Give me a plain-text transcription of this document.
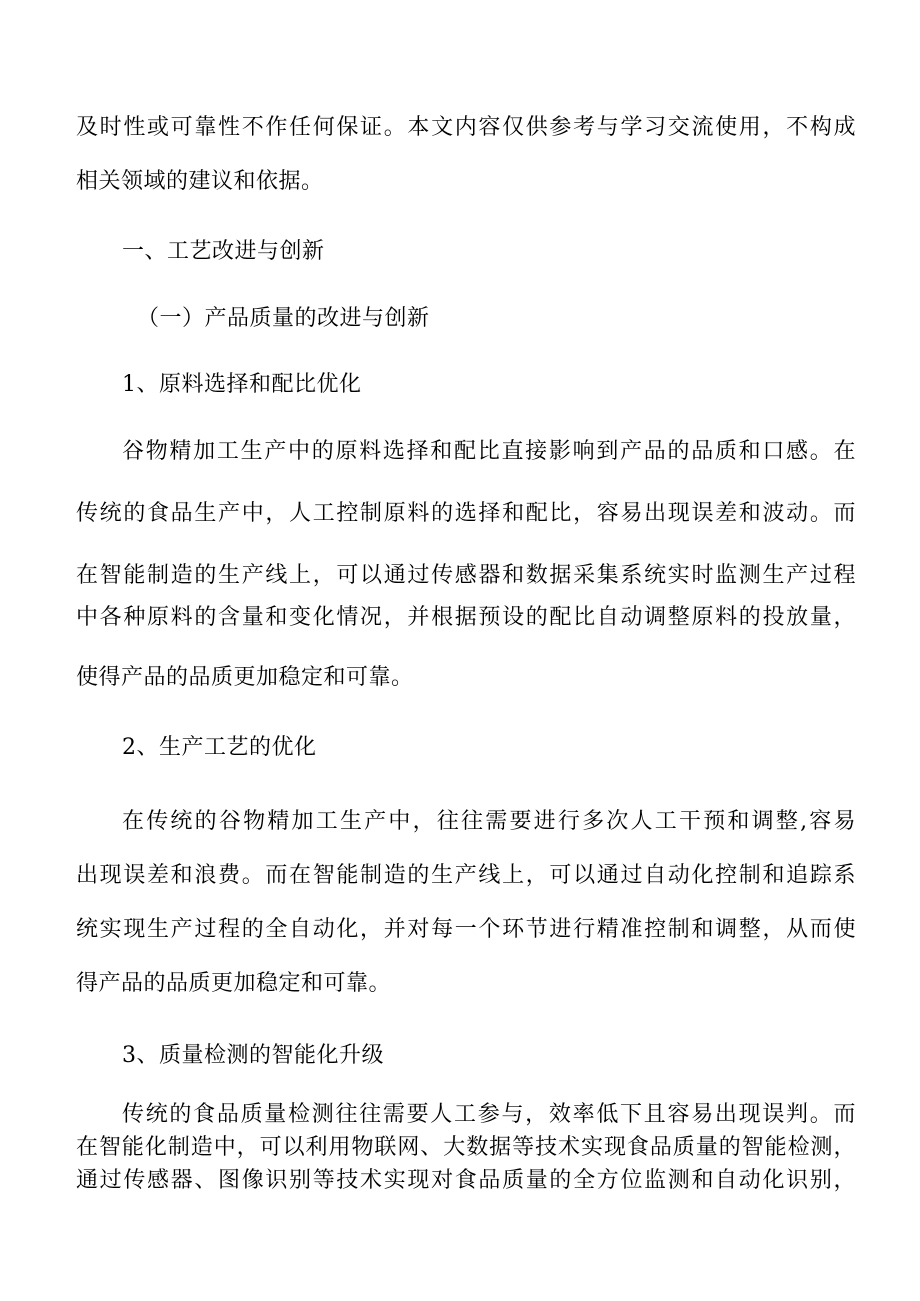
及时性或可靠性不作任何保证。本文内容仅供参考与学习交流使用，不构成
相关领域的建议和依据。
一、工艺改进与创新
（一）产品质量的改进与创新
1、原料选择和配比优化
谷物精加工生产中的原料选择和配比直接影响到产品的品质和口感。在
传统的食品生产中，人工控制原料的选择和配比，容易出现误差和波动。而
在智能制造的生产线上，可以通过传感器和数据采集系统实时监测生产过程
中各种原料的含量和变化情况，并根据预设的配比自动调整原料的投放量，
使得产品的品质更加稳定和可靠。
2、生产工艺的优化
在传统的谷物精加工生产中，往往需要进行多次人工干预和调整,容易
出现误差和浪费。而在智能制造的生产线上，可以通过自动化控制和追踪系
统实现生产过程的全自动化，并对每一个环节进行精准控制和调整，从而使
得产品的品质更加稳定和可靠。
3、质量检测的智能化升级
传统的食品质量检测往往需要人工参与，效率低下且容易出现误判。而
在智能化制造中，可以利用物联网、大数据等技术实现食品质量的智能检测，
通过传感器、图像识别等技术实现对食品质量的全方位监测和自动化识别，
